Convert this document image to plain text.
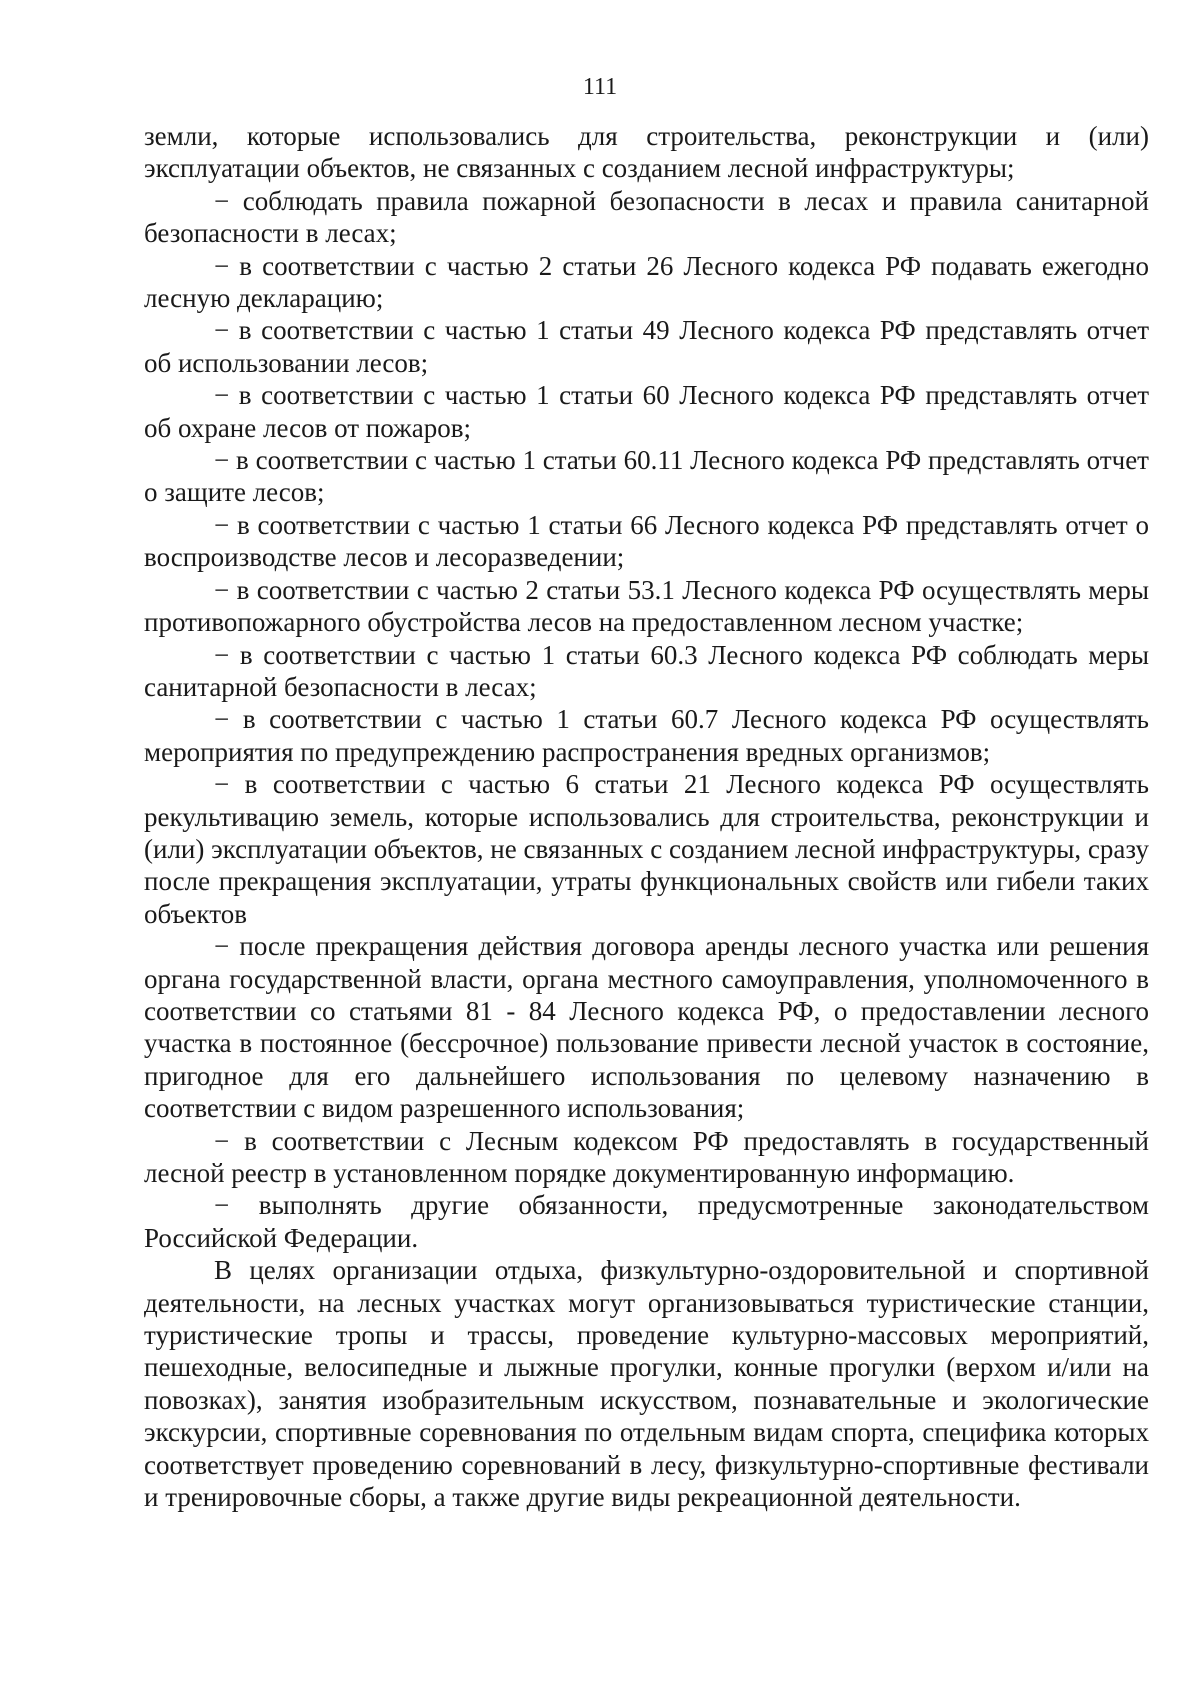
111

земли, которые использовались для строительства, реконструкции и (или) эксплуатации объектов, не связанных с созданием лесной инфраструктуры;

− соблюдать правила пожарной безопасности в лесах и правила санитарной безопасности в лесах;

− в соответствии с частью 2 статьи 26 Лесного кодекса РФ подавать ежегодно лесную декларацию;

− в соответствии с частью 1 статьи 49 Лесного кодекса РФ представлять отчет об использовании лесов;

− в соответствии с частью 1 статьи 60 Лесного кодекса РФ представлять отчет об охране лесов от пожаров;

− в соответствии с частью 1 статьи 60.11 Лесного кодекса РФ представлять отчет о защите лесов;

− в соответствии с частью 1 статьи 66 Лесного кодекса РФ представлять отчет о воспроизводстве лесов и лесоразведении;

− в соответствии с частью 2 статьи 53.1 Лесного кодекса РФ осуществлять меры противопожарного обустройства лесов на предоставленном лесном участке;

− в соответствии с частью 1 статьи 60.3 Лесного кодекса РФ соблюдать меры санитарной безопасности в лесах;

− в соответствии с частью 1 статьи 60.7 Лесного кодекса РФ осуществлять мероприятия по предупреждению распространения вредных организмов;

− в соответствии с частью 6 статьи 21 Лесного кодекса РФ осуществлять рекультивацию земель, которые использовались для строительства, реконструкции и (или) эксплуатации объектов, не связанных с созданием лесной инфраструктуры, сразу после прекращения эксплуатации, утраты функциональных свойств или гибели таких объектов

− после прекращения действия договора аренды лесного участка или решения органа государственной власти, органа местного самоуправления, уполномоченного в соответствии со статьями 81 - 84 Лесного кодекса РФ, о предоставлении лесного участка в постоянное (бессрочное) пользование привести лесной участок в состояние, пригодное для его дальнейшего использования по целевому назначению в соответствии с видом разрешенного использования;

− в соответствии с Лесным кодексом РФ предоставлять в государственный лесной реестр в установленном порядке документированную информацию.

− выполнять другие обязанности, предусмотренные законодательством Российской Федерации.

В целях организации отдыха, физкультурно-оздоровительной и спортивной деятельности, на лесных участках могут организовываться туристические станции, туристические тропы и трассы, проведение культурно-массовых мероприятий, пешеходные, велосипедные и лыжные прогулки, конные прогулки (верхом и/или на повозках), занятия изобразительным искусством, познавательные и экологические экскурсии, спортивные соревнования по отдельным видам спорта, специфика которых соответствует проведению соревнований в лесу, физкультурно-спортивные фестивали и тренировочные сборы, а также другие виды рекреационной деятельности.
